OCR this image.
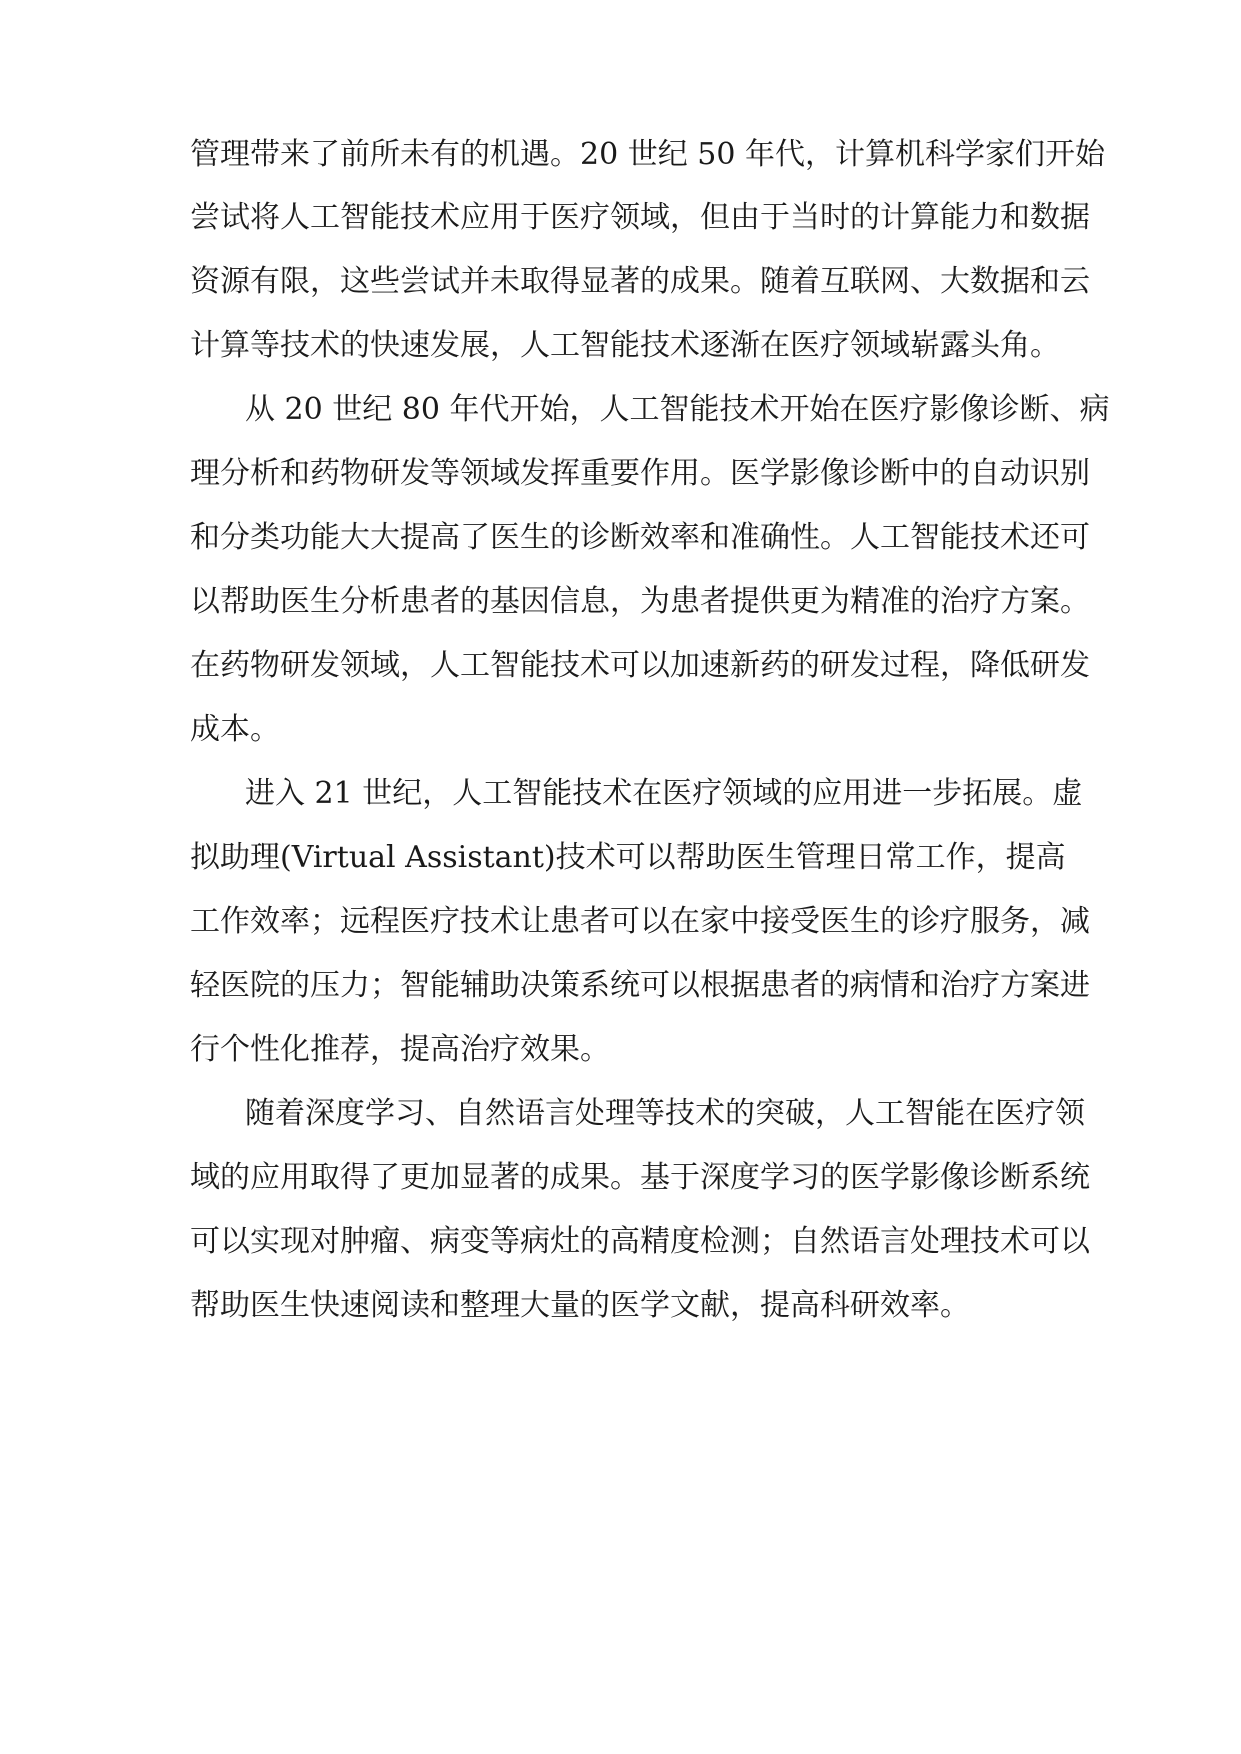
管理带来了前所未有的机遇。20 世纪 50 年代，计算机科学家们开始
尝试将人工智能技术应用于医疗领域，但由于当时的计算能力和数据
资源有限，这些尝试并未取得显著的成果。随着互联网、大数据和云
计算等技术的快速发展，人工智能技术逐渐在医疗领域崭露头角。
从 20 世纪 80 年代开始，人工智能技术开始在医疗影像诊断、病
理分析和药物研发等领域发挥重要作用。医学影像诊断中的自动识别
和分类功能大大提高了医生的诊断效率和准确性。人工智能技术还可
以帮助医生分析患者的基因信息，为患者提供更为精准的治疗方案。
在药物研发领域，人工智能技术可以加速新药的研发过程，降低研发
成本。
进入 21 世纪，人工智能技术在医疗领域的应用进一步拓展。虚
拟助理(Virtual Assistant)技术可以帮助医生管理日常工作，提高
工作效率；远程医疗技术让患者可以在家中接受医生的诊疗服务，减
轻医院的压力；智能辅助决策系统可以根据患者的病情和治疗方案进
行个性化推荐，提高治疗效果。
随着深度学习、自然语言处理等技术的突破，人工智能在医疗领
域的应用取得了更加显著的成果。基于深度学习的医学影像诊断系统
可以实现对肿瘤、病变等病灶的高精度检测；自然语言处理技术可以
帮助医生快速阅读和整理大量的医学文献，提高科研效率。
